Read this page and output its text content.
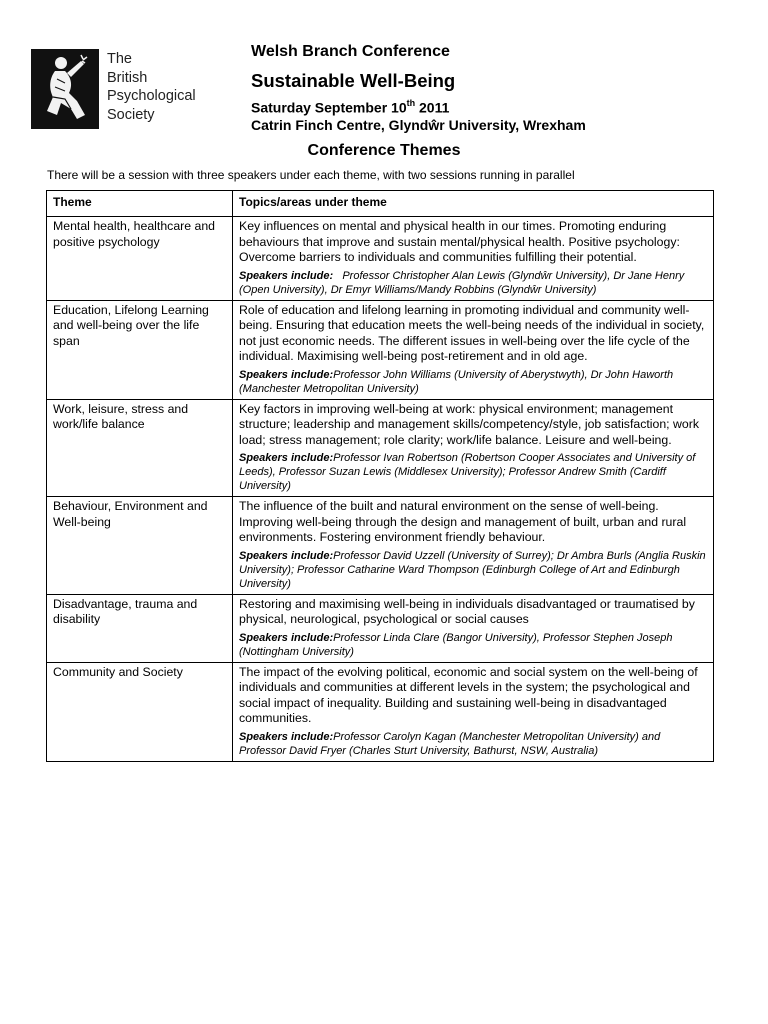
The
British
Psychological
Society
Welsh Branch Conference
Sustainable Well-Being
Saturday September 10th 2011
Catrin Finch Centre, Glyndŵr University, Wrexham
Conference Themes
There will be a session with three speakers under each theme, with two sessions running in parallel
Theme	Topics/areas under theme
Mental health, healthcare and positive psychology	Key influences on mental and physical health in our times. Promoting enduring behaviours that improve and sustain mental/physical health. Positive psychology: Overcome barriers to individuals and communities fulfilling their potential.
Speakers include:   Professor Christopher Alan Lewis (Glyndŵr University), Dr Jane Henry  (Open University), Dr Emyr Williams/Mandy Robbins (Glyndŵr University)

Education, Lifelong Learning and well-being over the life span	Role of education and lifelong learning in promoting individual and community well-being. Ensuring that education meets the well-being needs of the individual in society, not just economic needs. The different issues in well-being over the life cycle of the individual. Maximising well-being post-retirement and in old age.
Speakers include:Professor John Williams (University of Aberystwyth), Dr John Haworth (Manchester Metropolitan University)

Work, leisure, stress and work/life balance	Key factors in improving well-being at work: physical environment; management structure; leadership and management skills/competency/style, job satisfaction; work load; stress management; role clarity; work/life balance. Leisure and well-being.
Speakers include:Professor Ivan Robertson (Robertson Cooper Associates and University of Leeds), Professor Suzan Lewis (Middlesex University); Professor Andrew Smith (Cardiff University)

Behaviour, Environment and Well-being	The influence of the built and natural environment on the sense of well-being. Improving well-being through the design and management of built, urban and rural environments. Fostering environment friendly behaviour.
Speakers include:Professor David Uzzell (University of Surrey); Dr Ambra Burls (Anglia Ruskin University); Professor Catharine Ward Thompson (Edinburgh College of Art and Edinburgh University)

Disadvantage, trauma and disability	Restoring and maximising well-being in individuals disadvantaged or traumatised by physical, neurological, psychological or social causes
Speakers include:Professor Linda Clare (Bangor University), Professor Stephen Joseph (Nottingham University)

Community and Society	The impact of the evolving political, economic and social system on the well-being of individuals and communities at different levels in the system; the psychological and social impact of inequality. Building and sustaining well-being in disadvantaged communities.
Speakers include:Professor Carolyn Kagan (Manchester Metropolitan University) and Professor David Fryer (Charles Sturt University, Bathurst, NSW, Australia)
